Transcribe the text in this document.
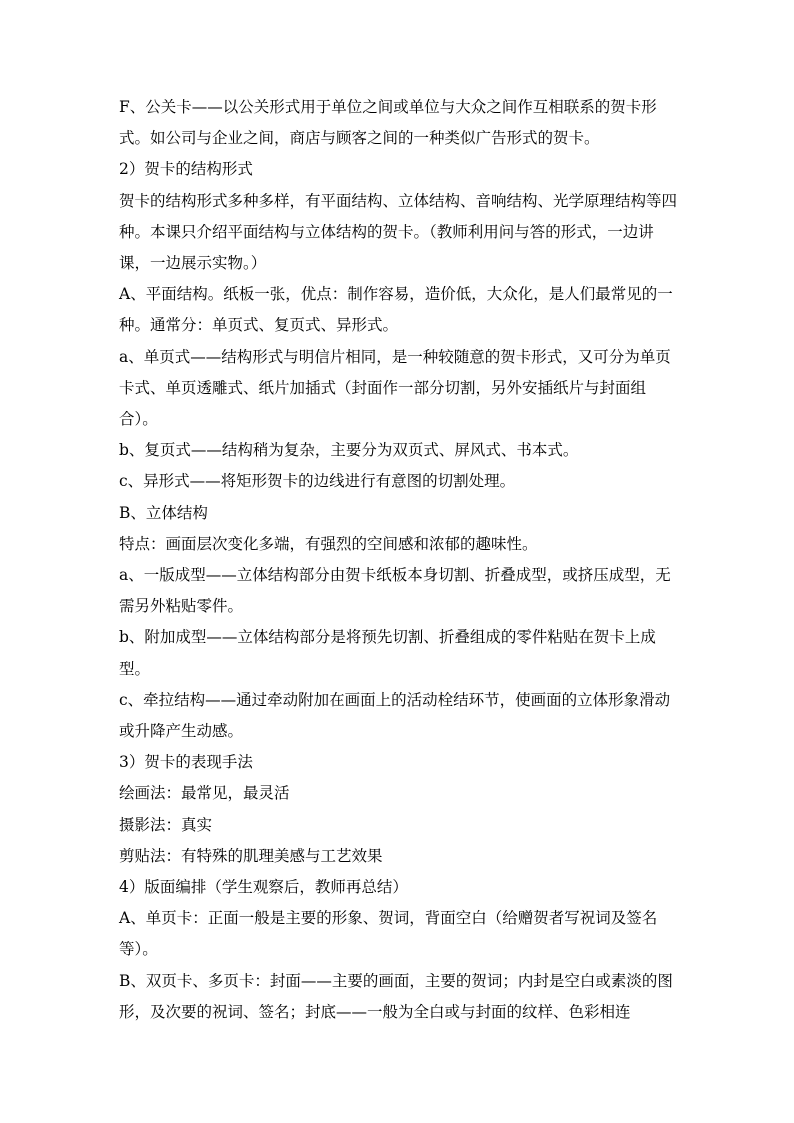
F、公关卡——以公关形式用于单位之间或单位与大众之间作互相联系的贺卡形式。如公司与企业之间，商店与顾客之间的一种类似广告形式的贺卡。

2）贺卡的结构形式

贺卡的结构形式多种多样，有平面结构、立体结构、音响结构、光学原理结构等四种。本课只介绍平面结构与立体结构的贺卡。（教师利用问与答的形式，一边讲课，一边展示实物。）

A、平面结构。纸板一张，优点：制作容易，造价低，大众化，是人们最常见的一种。通常分：单页式、复页式、异形式。

a、单页式——结构形式与明信片相同，是一种较随意的贺卡形式，又可分为单页卡式、单页透雕式、纸片加插式（封面作一部分切割，另外安插纸片与封面组合）。

b、复页式——结构稍为复杂，主要分为双页式、屏风式、书本式。

c、异形式——将矩形贺卡的边线进行有意图的切割处理。

B、立体结构

特点：画面层次变化多端，有强烈的空间感和浓郁的趣味性。

a、一版成型——立体结构部分由贺卡纸板本身切割、折叠成型，或挤压成型，无需另外粘贴零件。

b、附加成型——立体结构部分是将预先切割、折叠组成的零件粘贴在贺卡上成型。

c、牵拉结构——通过牵动附加在画面上的活动栓结环节，使画面的立体形象滑动或升降产生动感。

3）贺卡的表现手法

绘画法：最常见，最灵活

摄影法：真实

剪贴法：有特殊的肌理美感与工艺效果

4）版面编排（学生观察后，教师再总结）

A、单页卡：正面一般是主要的形象、贺词，背面空白（给赠贺者写祝词及签名等）。

B、双页卡、多页卡：封面——主要的画面，主要的贺词；内封是空白或素淡的图形，及次要的祝词、签名；封底——一般为全白或与封面的纹样、色彩相连
